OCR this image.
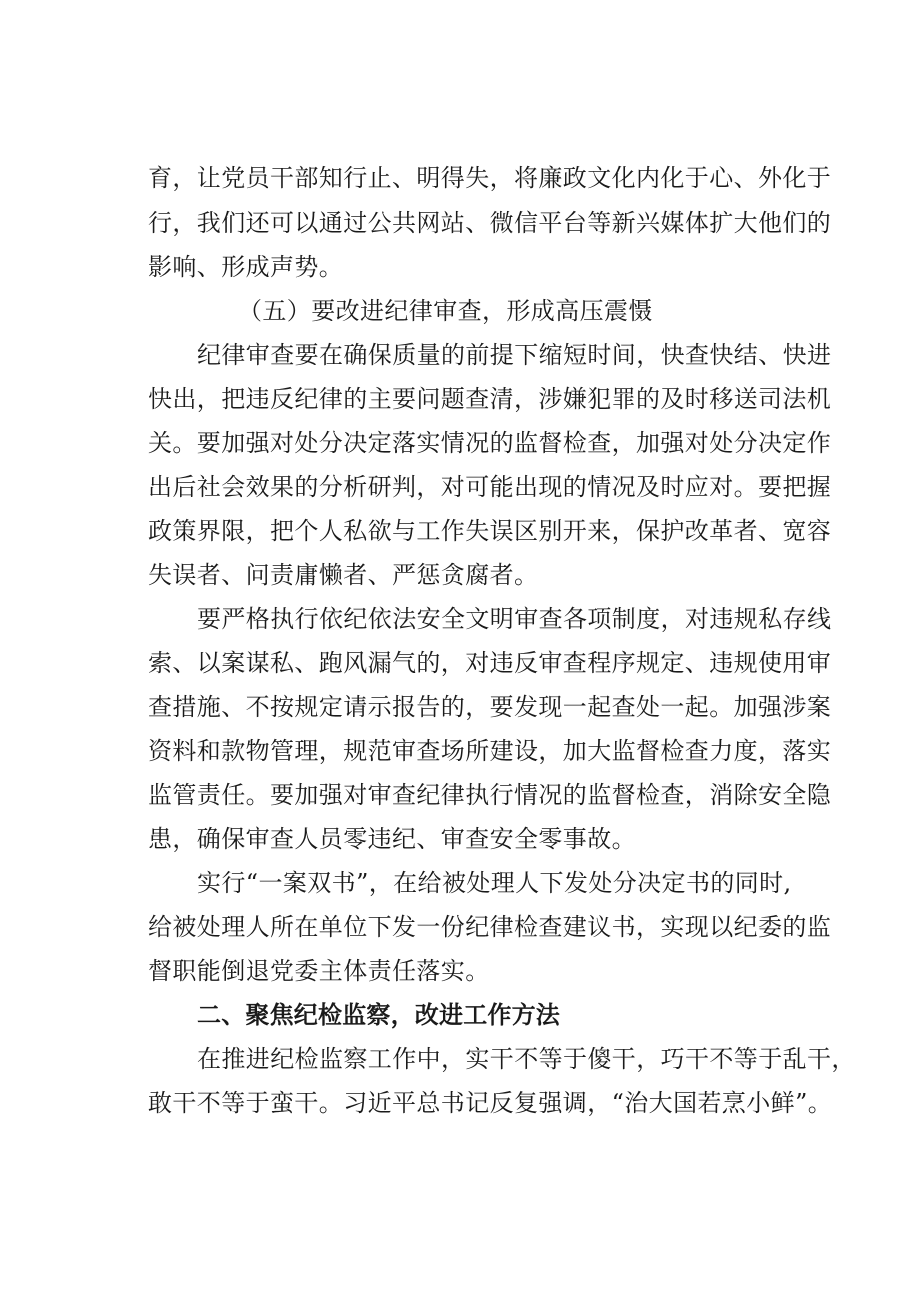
育，让党员干部知行止、明得失，将廉政文化内化于心、外化于
行，我们还可以通过公共网站、微信平台等新兴媒体扩大他们的
影响、形成声势。
（五）要改进纪律审查，形成高压震慑
纪律审查要在确保质量的前提下缩短时间，快查快结、快进
快出，把违反纪律的主要问题查清，涉嫌犯罪的及时移送司法机
关。要加强对处分决定落实情况的监督检查，加强对处分决定作
出后社会效果的分析研判，对可能出现的情况及时应对。要把握
政策界限，把个人私欲与工作失误区别开来，保护改革者、宽容
失误者、问责庸懒者、严惩贪腐者。
要严格执行依纪依法安全文明审查各项制度，对违规私存线
索、以案谋私、跑风漏气的，对违反审查程序规定、违规使用审
查措施、不按规定请示报告的，要发现一起查处一起。加强涉案
资料和款物管理，规范审查场所建设，加大监督检查力度，落实
监管责任。要加强对审查纪律执行情况的监督检查，消除安全隐
患，确保审查人员零违纪、审查安全零事故。
实行“一案双书”，在给被处理人下发处分决定书的同时,
给被处理人所在单位下发一份纪律检查建议书，实现以纪委的监
督职能倒退党委主体责任落实。
二、聚焦纪检监察，改进工作方法
在推进纪检监察工作中，实干不等于傻干，巧干不等于乱干，
敢干不等于蛮干。习近平总书记反复强调，“治大国若烹小鲜”。
